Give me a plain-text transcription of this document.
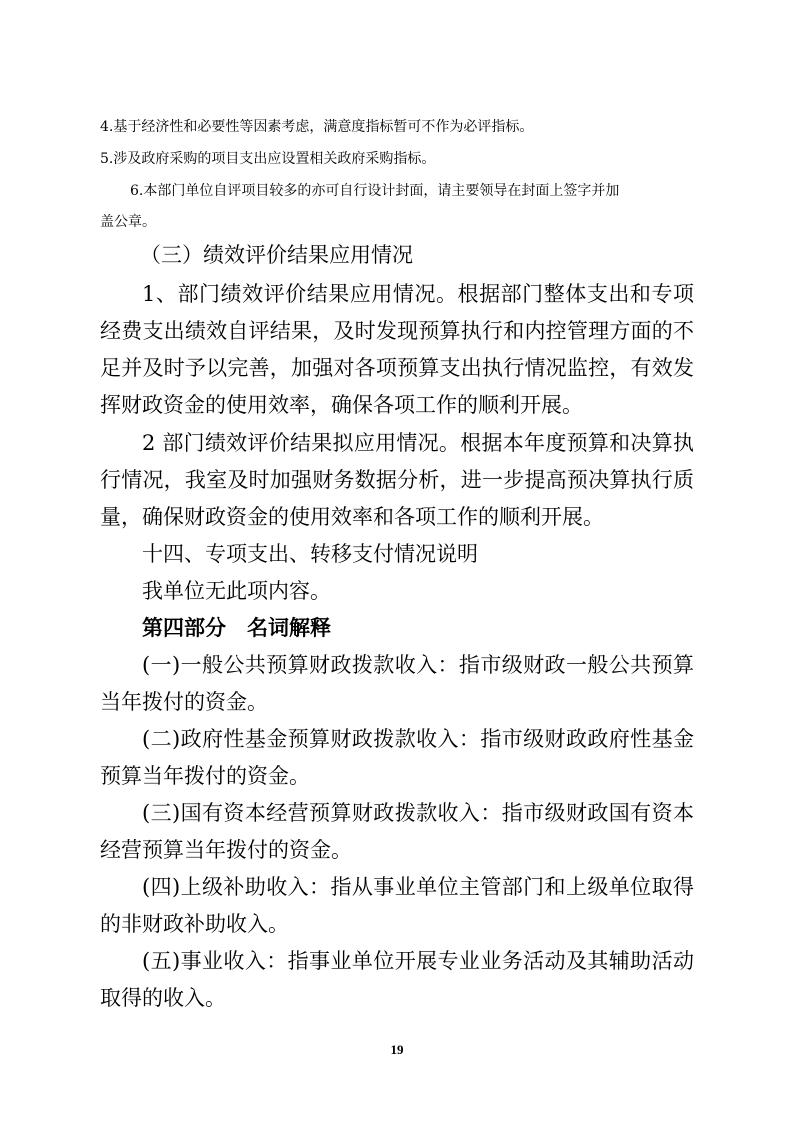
4.基于经济性和必要性等因素考虑，满意度指标暂可不作为必评指标。
5.涉及政府采购的项目支出应设置相关政府采购指标。
6.本部门单位自评项目较多的亦可自行设计封面，请主要领导在封面上签字并加
盖公章。
（三）绩效评价结果应用情况
1、部门绩效评价结果应用情况。根据部门整体支出和专项
经费支出绩效自评结果，及时发现预算执行和内控管理方面的不
足并及时予以完善，加强对各项预算支出执行情况监控，有效发
挥财政资金的使用效率，确保各项工作的顺利开展。
2 部门绩效评价结果拟应用情况。根据本年度预算和决算执
行情况，我室及时加强财务数据分析，进一步提高预决算执行质
量，确保财政资金的使用效率和各项工作的顺利开展。
十四、专项支出、转移支付情况说明
我单位无此项内容。
第四部分　名词解释
(一)一般公共预算财政拨款收入：指市级财政一般公共预算
当年拨付的资金。
(二)政府性基金预算财政拨款收入：指市级财政政府性基金
预算当年拨付的资金。
(三)国有资本经营预算财政拨款收入：指市级财政国有资本
经营预算当年拨付的资金。
(四)上级补助收入：指从事业单位主管部门和上级单位取得
的非财政补助收入。
(五)事业收入：指事业单位开展专业业务活动及其辅助活动
取得的收入。
19
